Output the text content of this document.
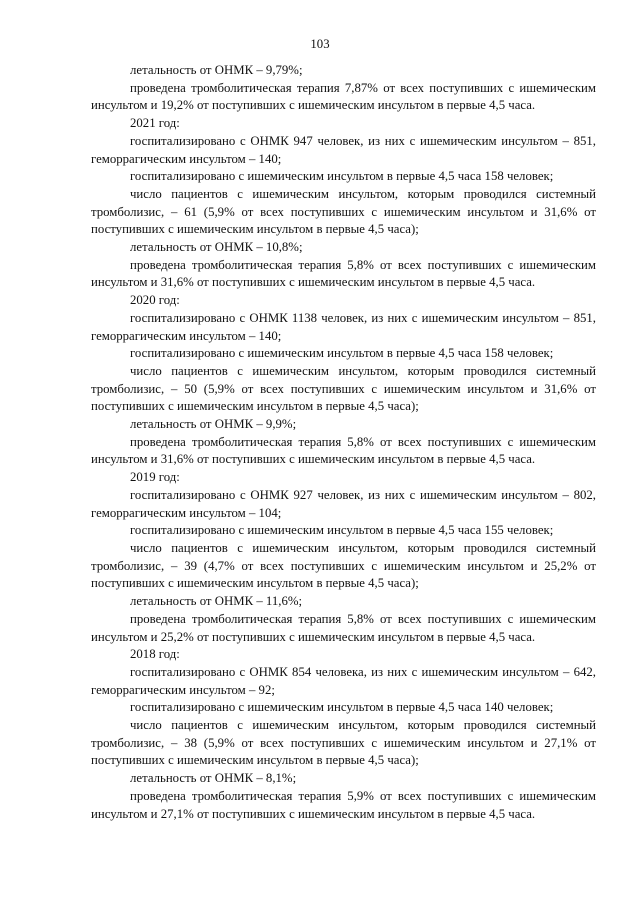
103

летальность от ОНМК – 9,79%;

проведена тромболитическая терапия 7,87% от всех поступивших с ишемическим инсультом и 19,2% от поступивших с ишемическим инсультом в первые 4,5 часа.

2021 год:

госпитализировано с ОНМК 947 человек, из них с ишемическим инсультом – 851, геморрагическим инсультом – 140;

госпитализировано с ишемическим инсультом в первые 4,5 часа 158 человек;

число пациентов с ишемическим инсультом, которым проводился системный тромболизис, – 61 (5,9% от всех поступивших с ишемическим инсультом и 31,6% от поступивших с ишемическим инсультом в первые 4,5 часа);

летальность от ОНМК – 10,8%;

проведена тромболитическая терапия 5,8% от всех поступивших с ишемическим инсультом и 31,6% от поступивших с ишемическим инсультом в первые 4,5 часа.

2020 год:

госпитализировано с ОНМК 1138 человек, из них с ишемическим инсультом – 851, геморрагическим инсультом – 140;

госпитализировано с ишемическим инсультом в первые 4,5 часа 158 человек;

число пациентов с ишемическим инсультом, которым проводился системный тромболизис, – 50 (5,9% от всех поступивших с ишемическим инсультом и 31,6% от поступивших с ишемическим инсультом в первые 4,5 часа);

летальность от ОНМК – 9,9%;

проведена тромболитическая терапия 5,8% от всех поступивших с ишемическим инсультом и 31,6% от поступивших с ишемическим инсультом в первые 4,5 часа.

2019 год:

госпитализировано с ОНМК 927 человек, из них с ишемическим инсультом – 802, геморрагическим инсультом – 104;

госпитализировано с ишемическим инсультом в первые 4,5 часа 155 человек;

число пациентов с ишемическим инсультом, которым проводился системный тромболизис, – 39 (4,7% от всех поступивших с ишемическим инсультом и 25,2% от поступивших с ишемическим инсультом в первые 4,5 часа);

летальность от ОНМК – 11,6%;

проведена тромболитическая терапия 5,8% от всех поступивших с ишемическим инсультом и 25,2% от поступивших с ишемическим инсультом в первые 4,5 часа.

2018 год:

госпитализировано с ОНМК 854 человека, из них с ишемическим инсультом – 642, геморрагическим инсультом – 92;

госпитализировано с ишемическим инсультом в первые 4,5 часа 140 человек;

число пациентов с ишемическим инсультом, которым проводился системный тромболизис, – 38 (5,9% от всех поступивших с ишемическим инсультом и 27,1% от поступивших с ишемическим инсультом в первые 4,5 часа);

летальность от ОНМК – 8,1%;

проведена тромболитическая терапия 5,9% от всех поступивших с ишемическим инсультом и 27,1% от поступивших с ишемическим инсультом в первые 4,5 часа.
